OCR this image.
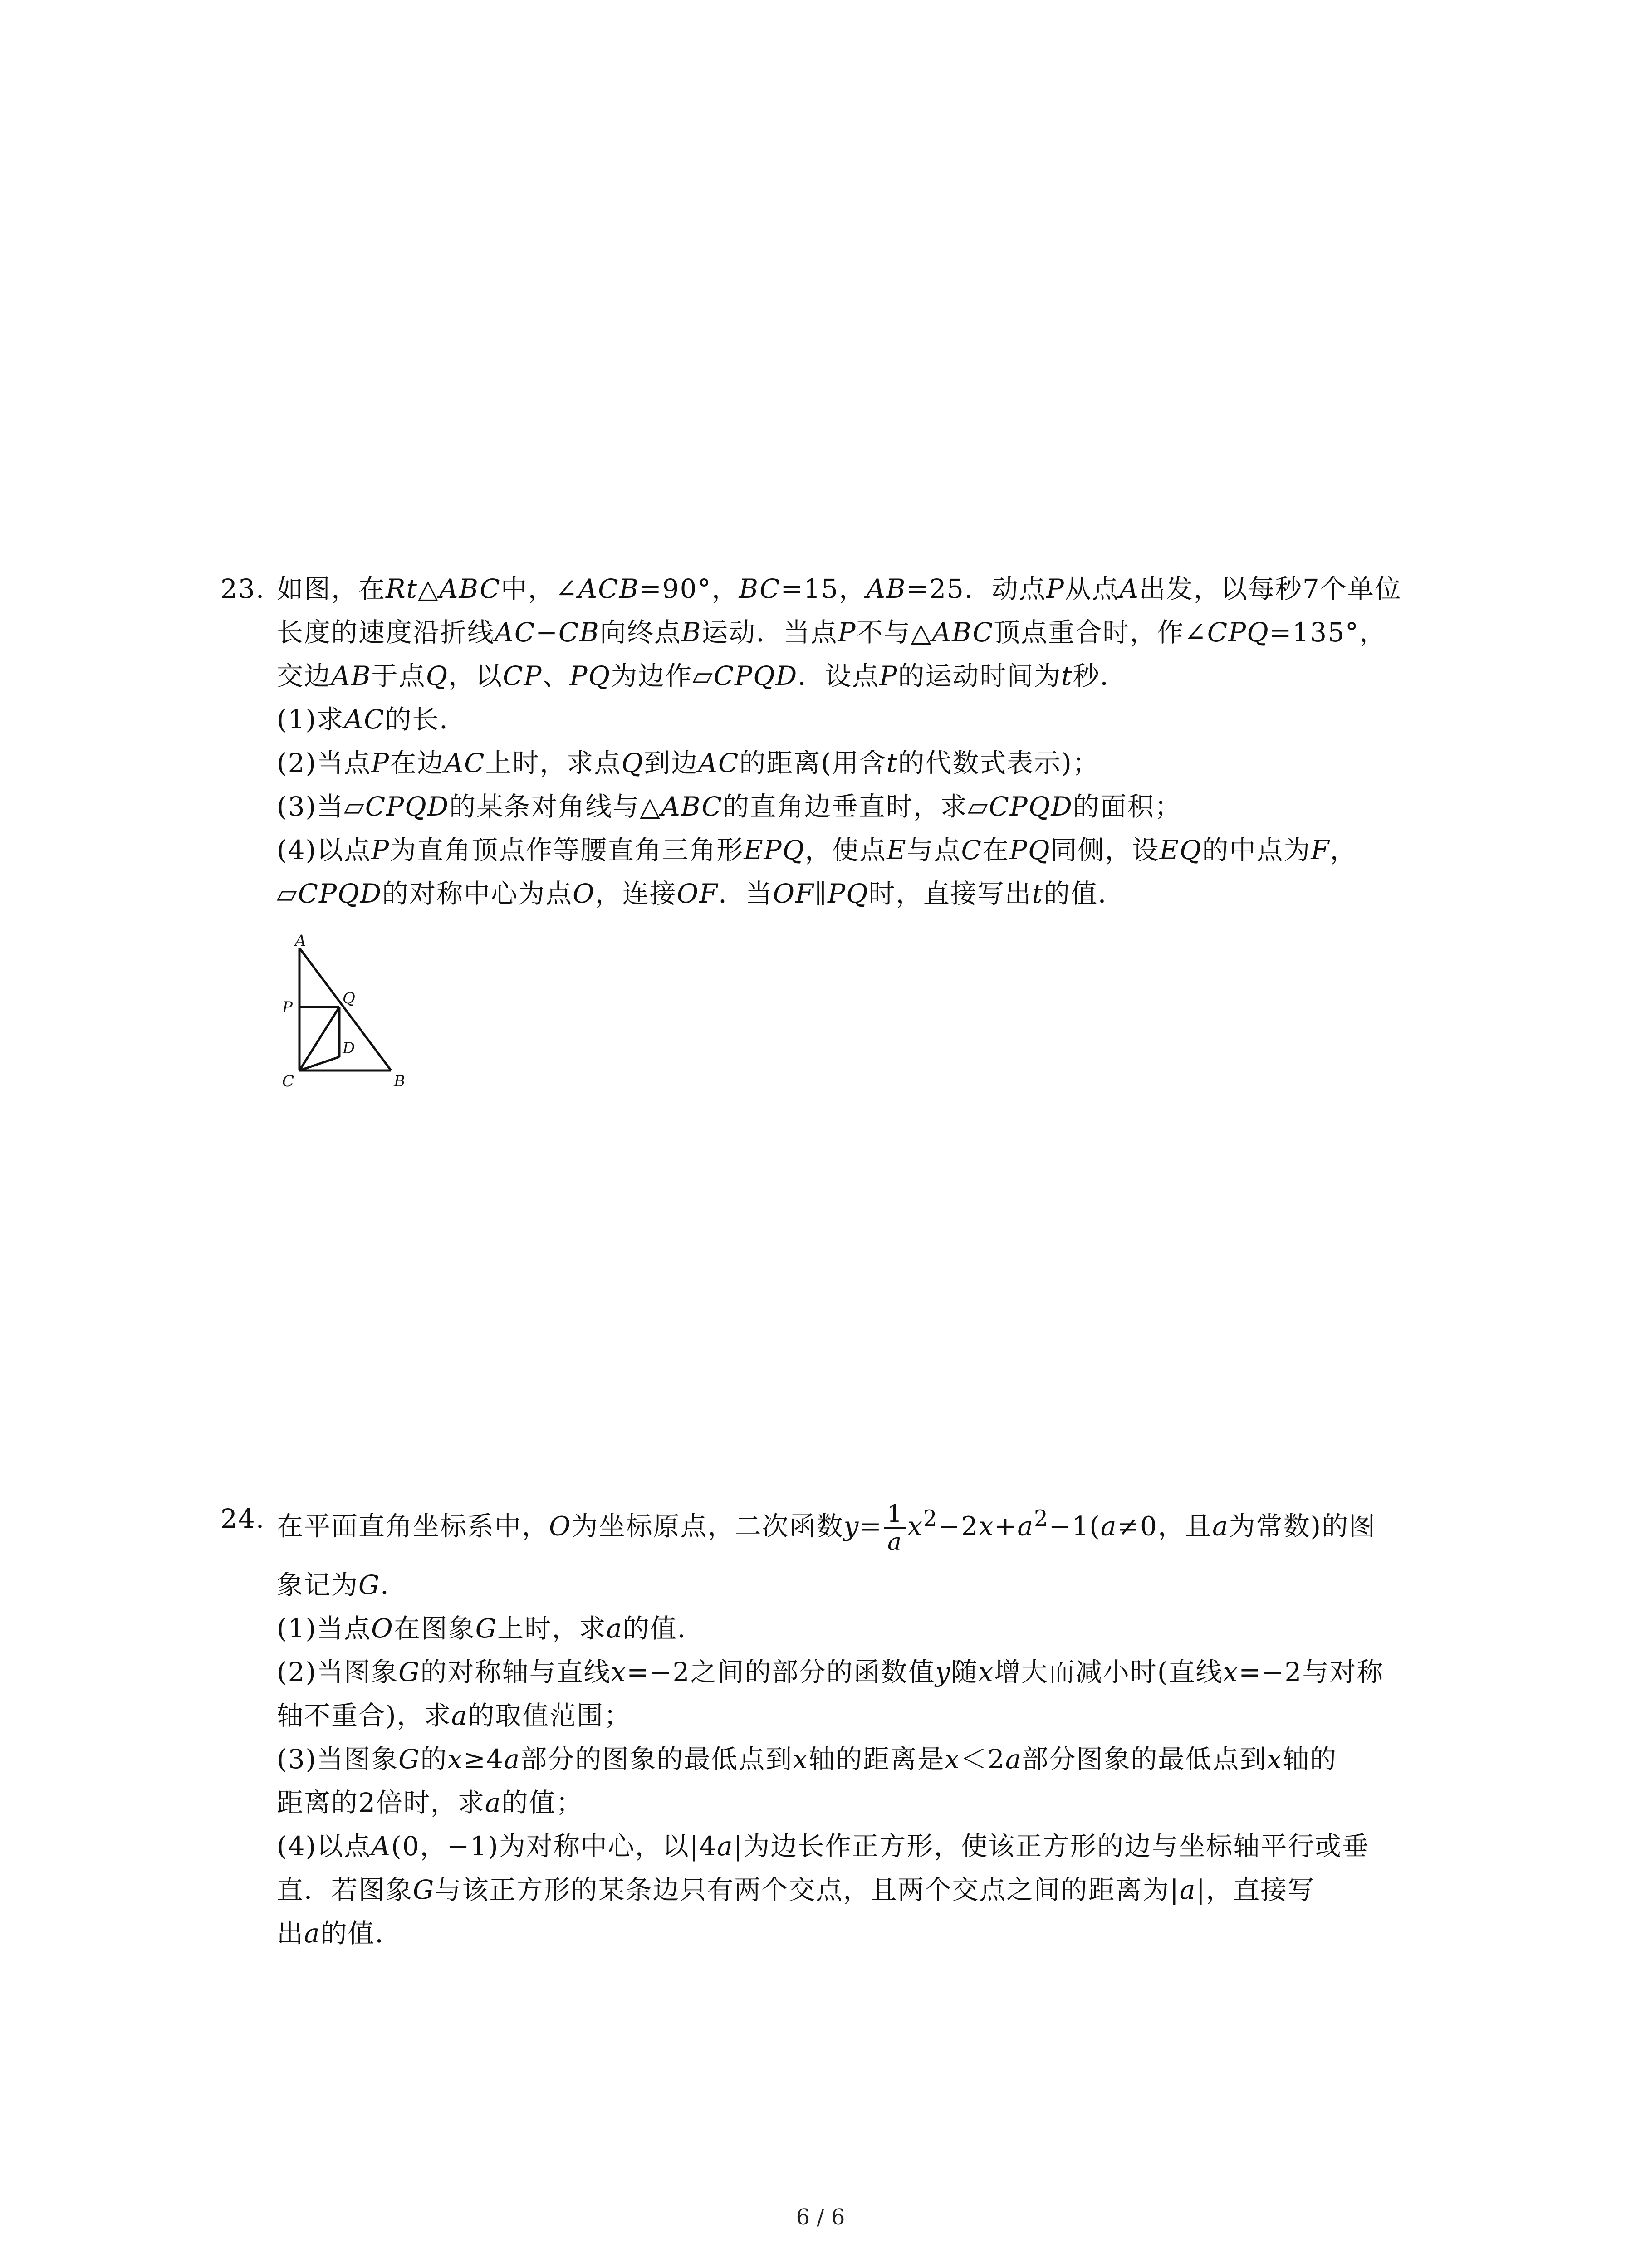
23. 如图，在Rt△ABC中，∠ACB=90°，BC=15，AB=25．动点P从点A出发，以每秒7个单位
长度的速度沿折线AC−CB向终点B运动．当点P不与△ABC顶点重合时，作∠CPQ=135°，
交边AB于点Q，以CP、PQ为边作▱CPQD．设点P的运动时间为t秒．
(1)求AC的长．
(2)当点P在边AC上时，求点Q到边AC的距离(用含t的代数式表示)；
(3)当▱CPQD的某条对角线与△ABC的直角边垂直时，求▱CPQD的面积；
(4)以点P为直角顶点作等腰直角三角形EPQ，使点E与点C在PQ同侧，设EQ的中点为F，
▱CPQD的对称中心为点O，连接OF．当OF∥PQ时，直接写出t的值．
A
Q
P
D
C	B
24. 在平面直角坐标系中，O为坐标原点，二次函数$y= \frac{1}{a} x^2-2x+a^2-1(a\ne 0$，且a为常数)的图
象记为G．
(1)当点O在图象G上时，求a的值．
(2)当图象G的对称轴与直线x=−2之间的部分的函数值y随x增大而减小时(直线x=−2与对称
轴不重合)，求a的取值范围；
(3)当图象G的x≥4a部分的图象的最低点到x轴的距离是x＜2a部分图象的最低点到x轴的
距离的2倍时，求a的值；
(4)以点A(0，−1)为对称中心，以|4a|为边长作正方形，使该正方形的边与坐标轴平行或垂
直．若图象G与该正方形的某条边只有两个交点，且两个交点之间的距离为|a|，直接写
出a的值．
6 / 6
